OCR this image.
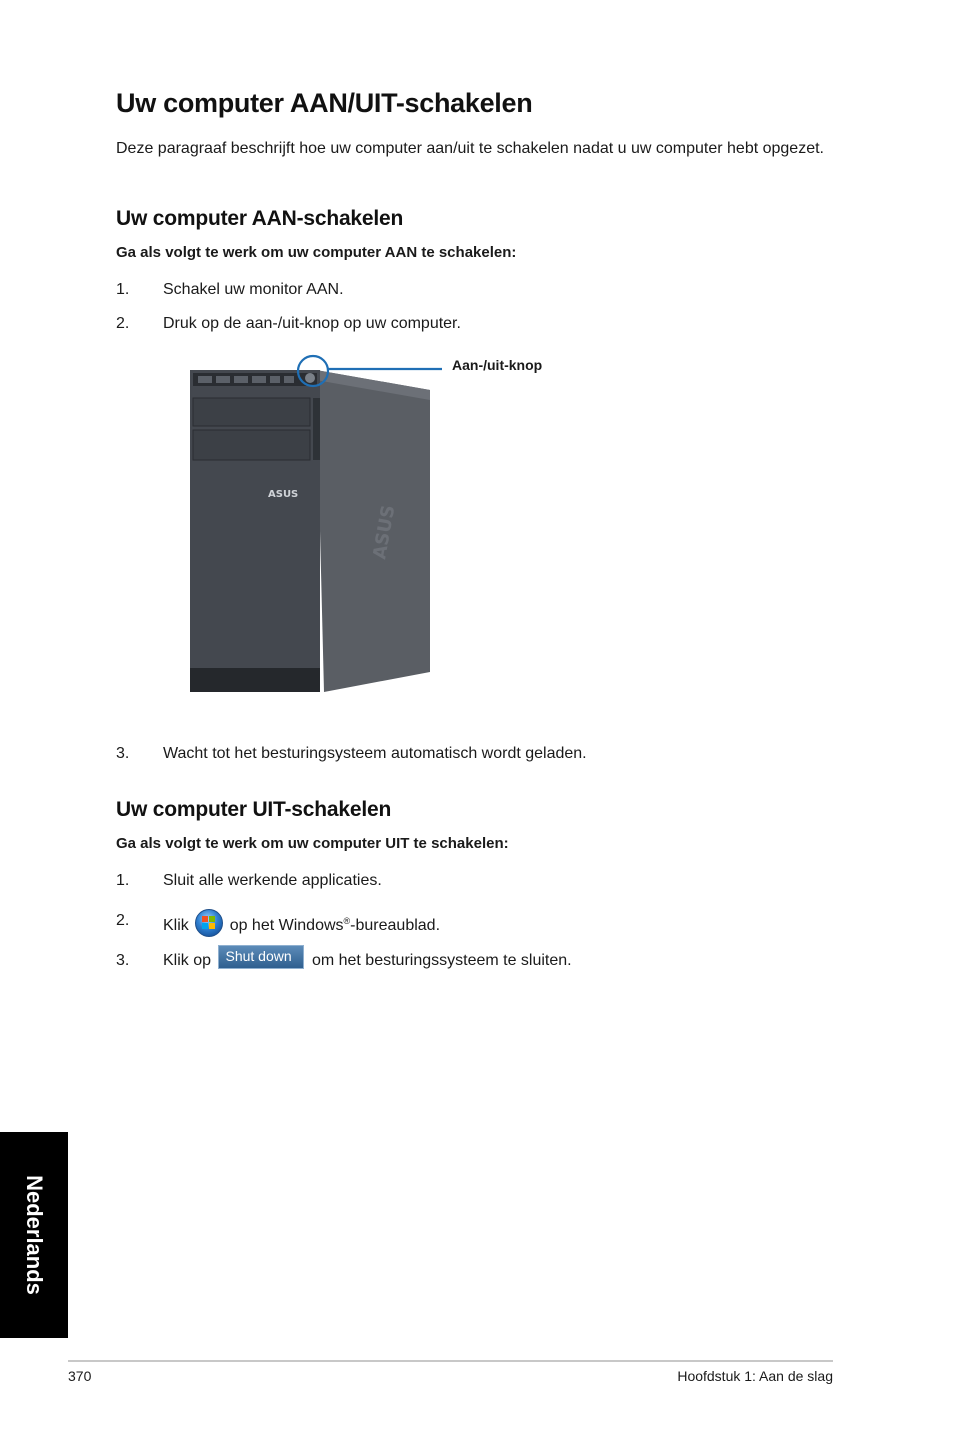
Uw computer AAN/UIT-schakelen

Deze paragraaf beschrijft hoe uw computer aan/uit te schakelen nadat u uw computer hebt opgezet.

Uw computer AAN-schakelen

Ga als volgt te werk om uw computer AAN te schakelen:

1. Schakel uw monitor AAN.
2. Druk op de aan-/uit-knop op uw computer.
ASUS
ASUS
Aan-/uit-knop
3. Wacht tot het besturingsysteem automatisch wordt geladen.
Uw computer UIT-schakelen

Ga als volgt te werk om uw computer UIT te schakelen:

1. Sluit alle werkende applicaties.
2. Klik	op het Windows®-bureaublad.
3. Klik op Shut down om het besturingssysteem te sluiten.
Nederlands
370	Hoofdstuk 1: Aan de slag
